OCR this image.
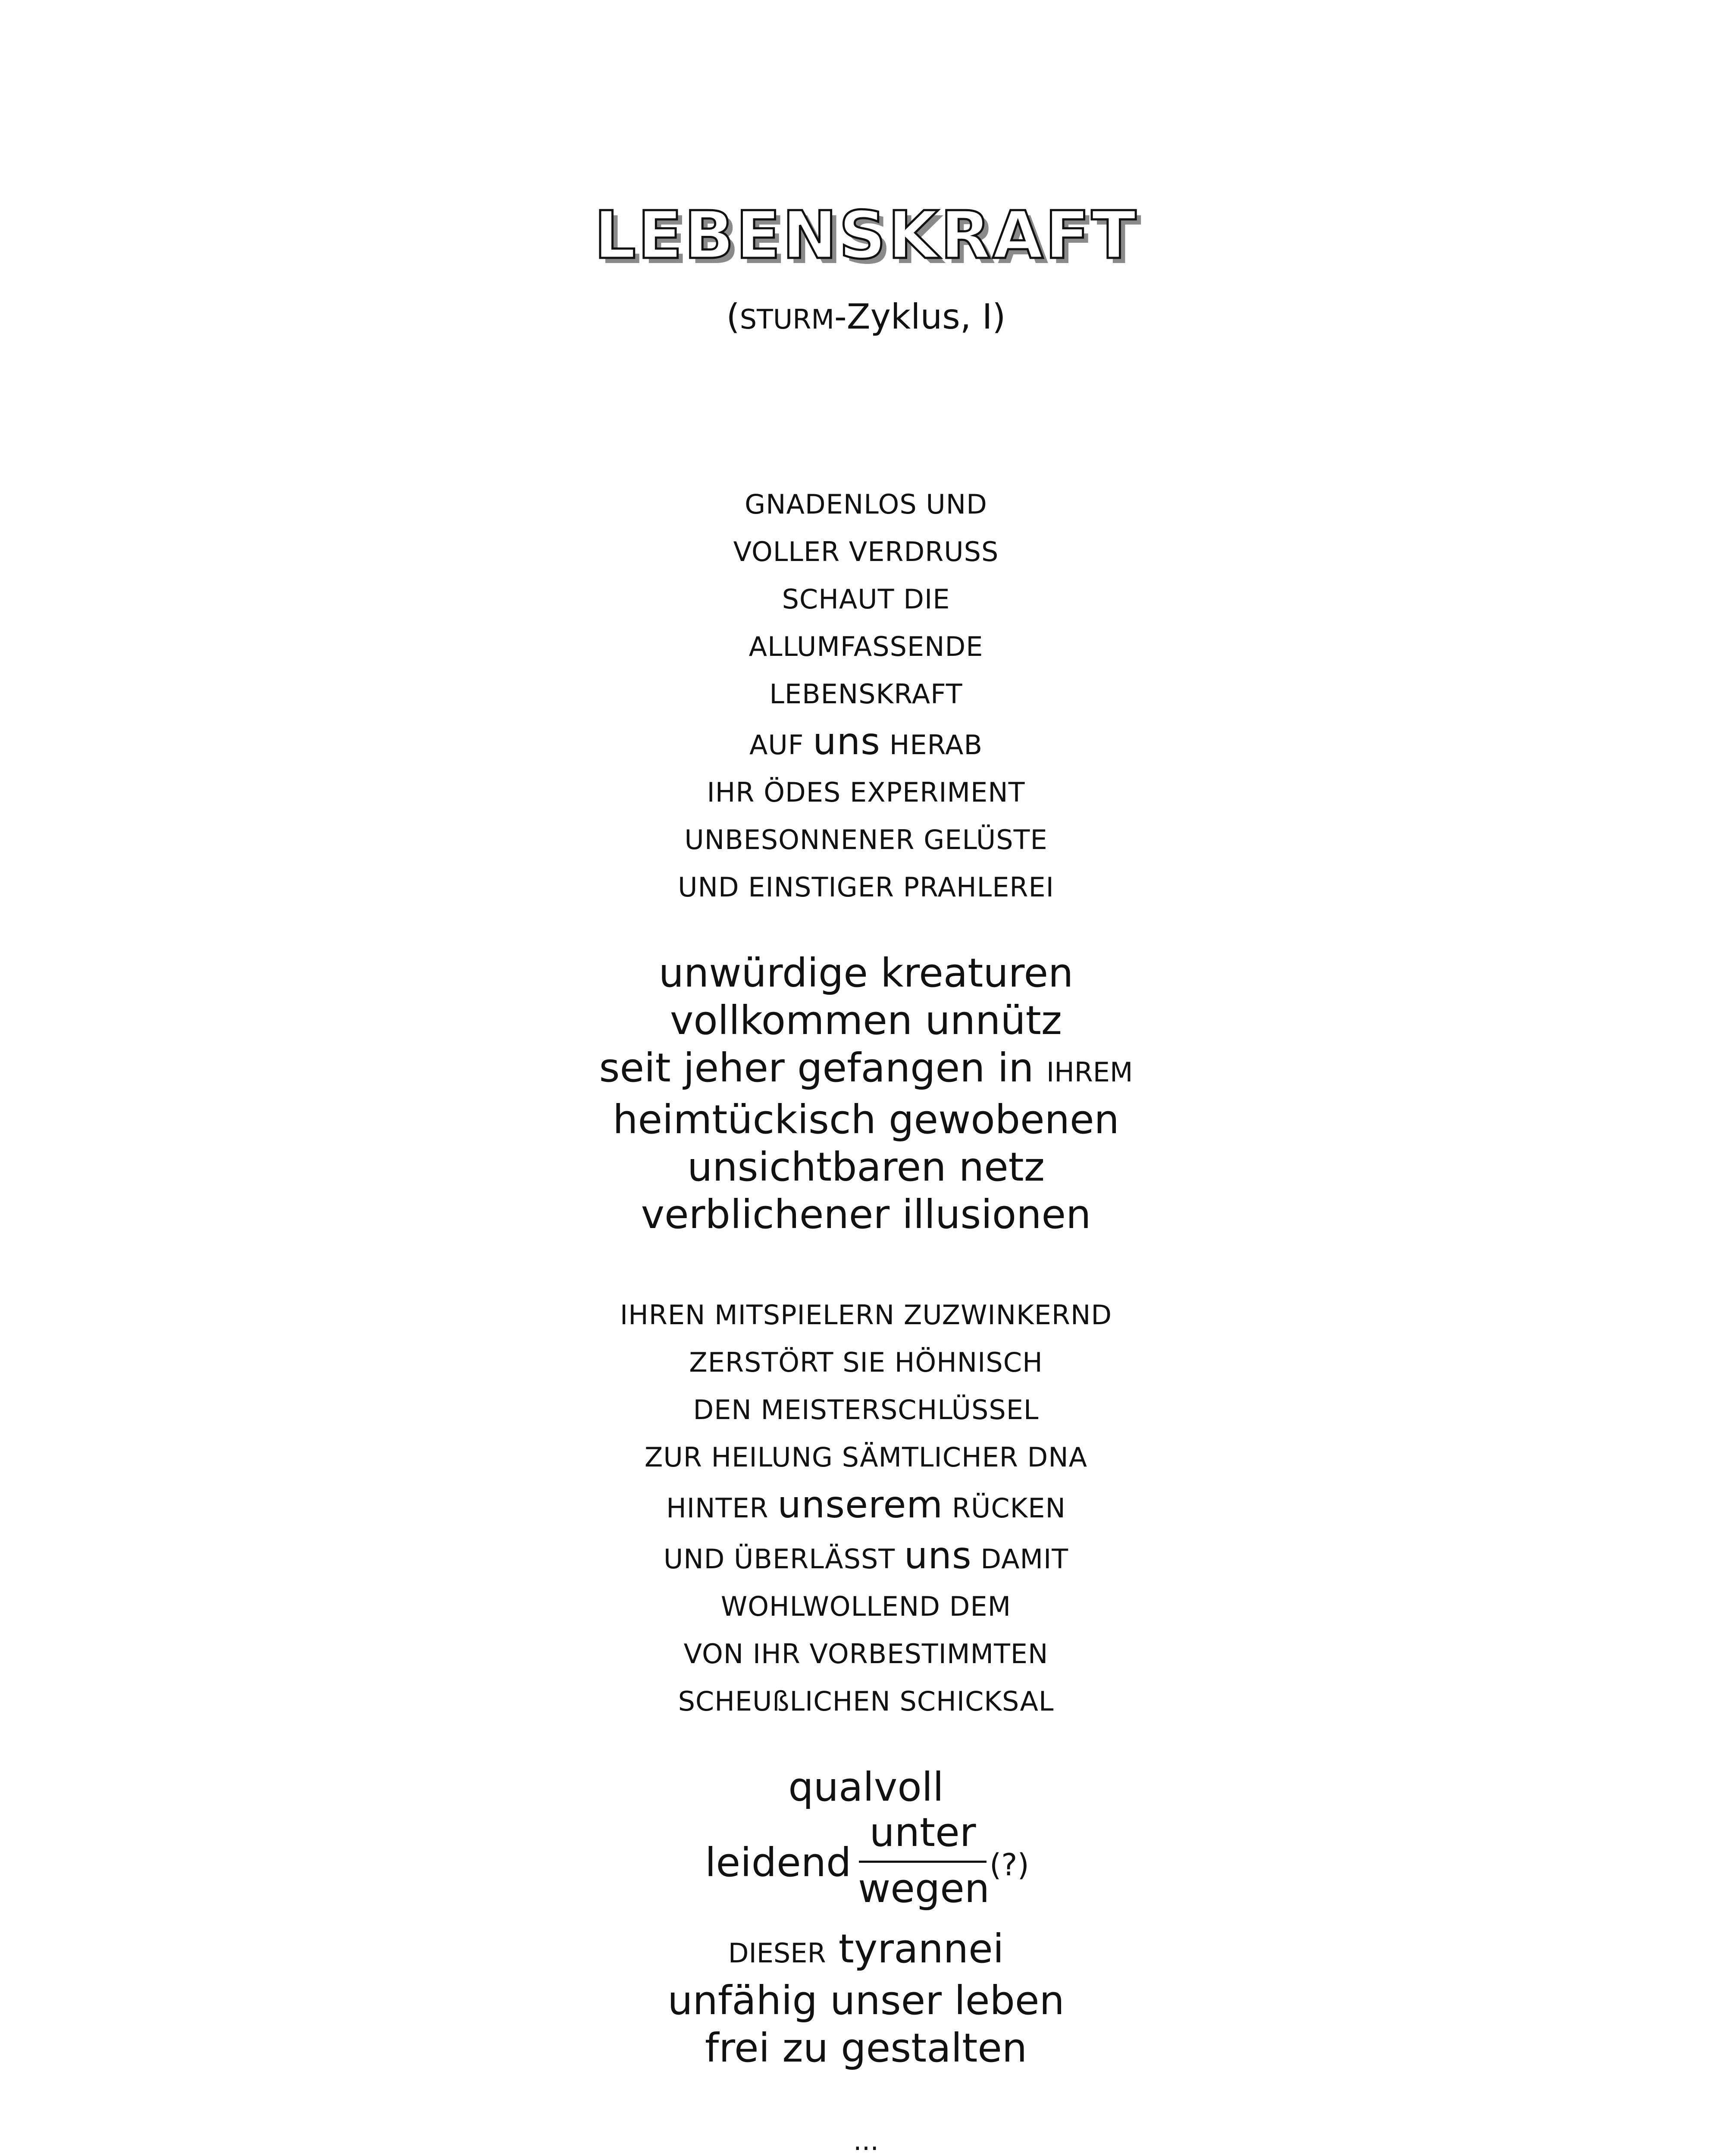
LEBENSKRAFT
(STURM-Zyklus, I)
GNADENLOS UND
VOLLER VERDRUSS
SCHAUT DIE
ALLUMFASSENDE
LEBENSKRAFT
AUF uns HERAB
IHR ÖDES EXPERIMENT
UNBESONNENER GELÜSTE
UND EINSTIGER PRAHLEREI
unwürdige kreaturen
vollkommen unnütz
seit jeher gefangen in IHREM
heimtückisch gewobenen
unsichtbaren netz
verblichener illusionen
IHREN MITSPIELERN ZUZWINKERND
ZERSTÖRT SIE HÖHNISCH
DEN MEISTERSCHLÜSSEL
ZUR HEILUNG SÄMTLICHER DNA
HINTER unserem RÜCKEN
UND ÜBERLÄSST uns DAMIT
WOHLWOLLEND DEM
VON IHR VORBESTIMMTEN
SCHEUßLICHEN SCHICKSAL
qualvoll
leidend
unter
wegen
(?)
DIESER tyrannei
unfähig unser leben
frei zu gestalten
...
